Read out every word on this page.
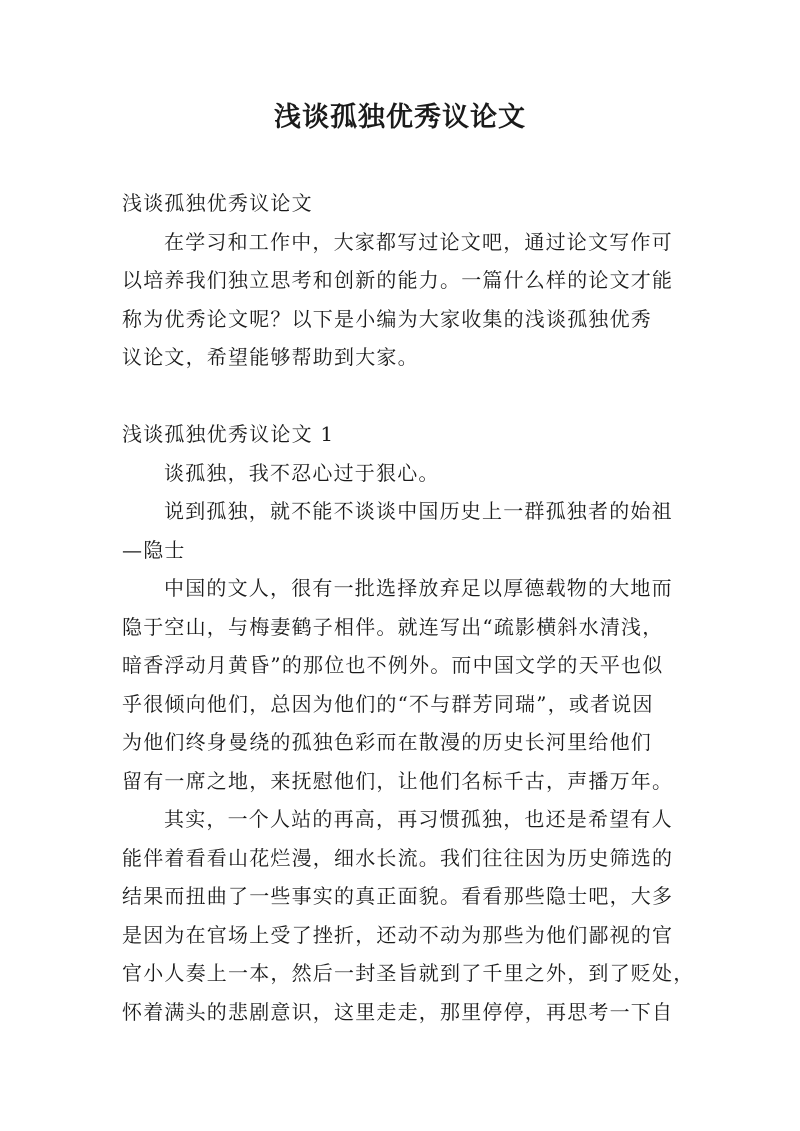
浅谈孤独优秀议论文
浅谈孤独优秀议论文
在学习和工作中，大家都写过论文吧，通过论文写作可
以培养我们独立思考和创新的能力。一篇什么样的论文才能
称为优秀论文呢？以下是小编为大家收集的浅谈孤独优秀
议论文，希望能够帮助到大家。
浅谈孤独优秀议论文 1
谈孤独，我不忍心过于狠心。
说到孤独，就不能不谈谈中国历史上一群孤独者的始祖
—隐士
中国的文人，很有一批选择放弃足以厚德载物的大地而
隐于空山，与梅妻鹤子相伴。就连写出“疏影横斜水清浅，
暗香浮动月黄昏”的那位也不例外。而中国文学的天平也似
乎很倾向他们，总因为他们的“不与群芳同瑞”，或者说因
为他们终身曼绕的孤独色彩而在散漫的历史长河里给他们
留有一席之地，来抚慰他们，让他们名标千古，声播万年。
其实，一个人站的再高，再习惯孤独，也还是希望有人
能伴着看看山花烂漫，细水长流。我们往往因为历史筛选的
结果而扭曲了一些事实的真正面貌。看看那些隐士吧，大多
是因为在官场上受了挫折，还动不动为那些为他们鄙视的官
官小人奏上一本，然后一封圣旨就到了千里之外，到了贬处，
怀着满头的悲剧意识，这里走走，那里停停，再思考一下自
